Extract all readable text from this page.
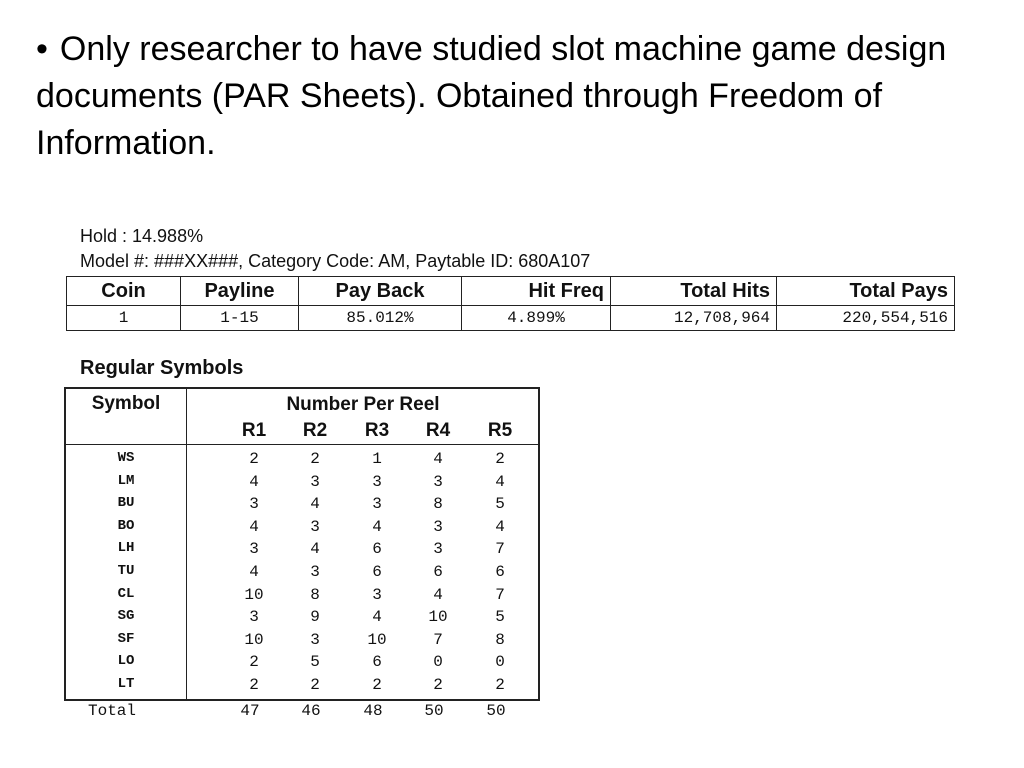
• Only researcher to have studied slot machine game design documents (PAR Sheets). Obtained through Freedom of Information.
Hold : 14.988%
Model #: ###XX###, Category Code: AM, Paytable ID: 680A107
Coin	Payline	Pay Back	Hit Freq	Total Hits	Total Pays
1	1-15	85.012%	4.899%	12,708,964	220,554,516
Regular Symbols
Symbol	Number Per Reel
R1	R2	R3	R4	R5
WS	2	2	1	4	2
LM	4	3	3	3	4
BU	3	4	3	8	5
BO	4	3	4	3	4
LH	3	4	6	3	7
TU	4	3	6	6	6
CL	10	8	3	4	7
SG	3	9	4	10	5
SF	10	3	10	7	8
LO	2	5	6	0	0
LT	2	2	2	2	2
Total	47	46	48	50	50
